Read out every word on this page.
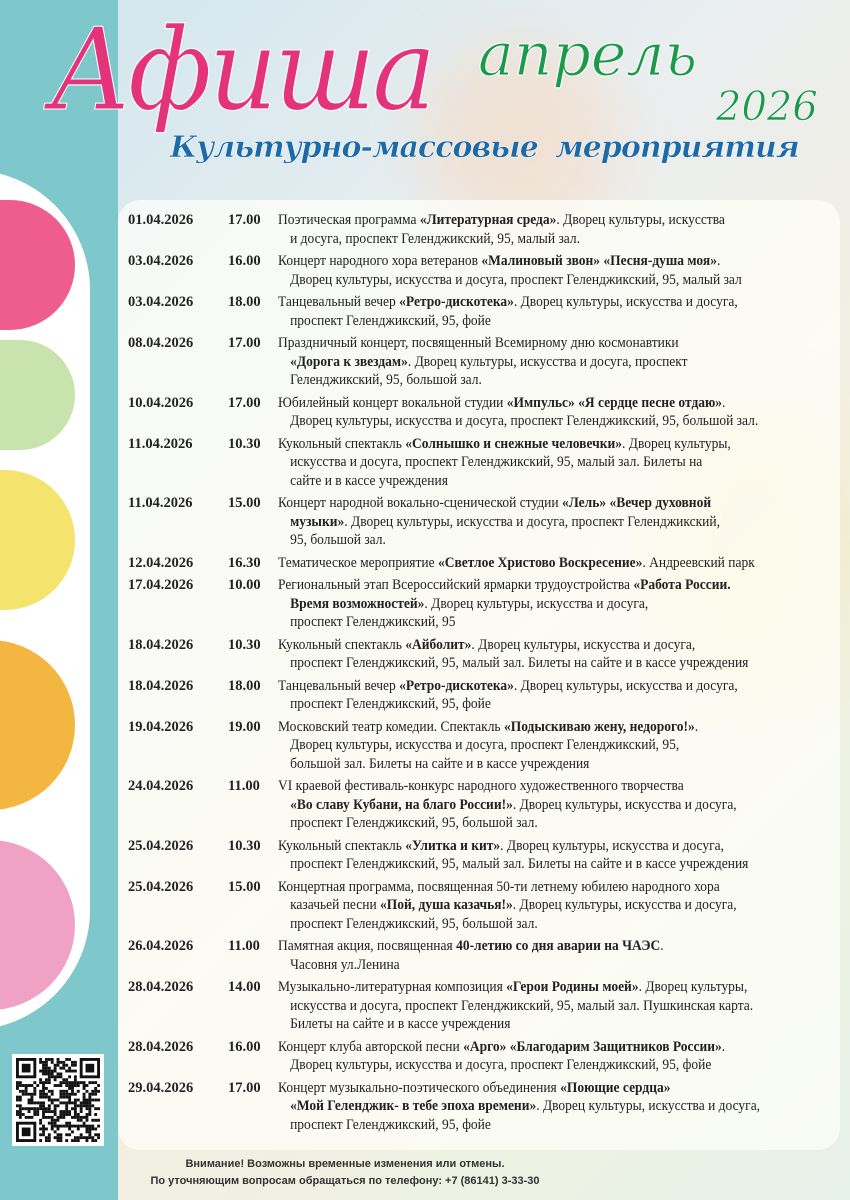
Афиша апрель
2026
Культурно-массовые мероприятия
01.04.2026	17.00	Поэтическая программа «Литературная среда». Дворец культуры, искусства
и досуга, проспект Геленджикский, 95, малый зал.
03.04.2026	16.00	Концерт народного хора ветеранов «Малиновый звон» «Песня-душа моя».
Дворец культуры, искусства и досуга, проспект Геленджикский, 95, малый зал
03.04.2026	18.00	Танцевальный вечер «Ретро-дискотека». Дворец культуры, искусства и досуга,
проспект Геленджикский, 95, фойе
08.04.2026	17.00	Праздничный концерт, посвященный Всемирному дню космонавтики
«Дорога к звездам». Дворец культуры, искусства и досуга, проспект
Геленджикский, 95, большой зал.
10.04.2026	17.00	Юбилейный концерт вокальной студии «Импульс» «Я сердце песне отдаю».
Дворец культуры, искусства и досуга, проспект Геленджикский, 95, большой зал.
11.04.2026	10.30	Кукольный спектакль «Солнышко и снежные человечки». Дворец культуры,
искусства и досуга, проспект Геленджикский, 95, малый зал. Билеты на
сайте и в кассе учреждения
11.04.2026	15.00	Концерт народной вокально-сценической студии «Лель» «Вечер духовной
музыки». Дворец культуры, искусства и досуга, проспект Геленджикский,
95, большой зал.
12.04.2026	16.30	Тематическое мероприятие «Светлое Христово Воскресение». Андреевский парк
17.04.2026	10.00	Региональный этап Всероссийский ярмарки трудоустройства «Работа России.
Время возможностей». Дворец культуры, искусства и досуга,
проспект Геленджикский, 95
18.04.2026	10.30	Кукольный спектакль «Айболит». Дворец культуры, искусства и досуга,
проспект Геленджикский, 95, малый зал. Билеты на сайте и в кассе учреждения
18.04.2026	18.00	Танцевальный вечер «Ретро-дискотека». Дворец культуры, искусства и досуга,
проспект Геленджикский, 95, фойе
19.04.2026	19.00	Московский театр комедии. Спектакль «Подыскиваю жену, недорого!».
Дворец культуры, искусства и досуга, проспект Геленджикский, 95,
большой зал. Билеты на сайте и в кассе учреждения
24.04.2026	11.00	VI краевой фестиваль-конкурс народного художественного творчества
«Во славу Кубани, на благо России!». Дворец культуры, искусства и досуга,
проспект Геленджикский, 95, большой зал.
25.04.2026	10.30	Кукольный спектакль «Улитка и кит». Дворец культуры, искусства и досуга,
проспект Геленджикский, 95, малый зал. Билеты на сайте и в кассе учреждения
25.04.2026	15.00	Концертная программа, посвященная 50-ти летнему юбилею народного хора
казачьей песни «Пой, душа казачья!». Дворец культуры, искусства и досуга,
проспект Геленджикский, 95, большой зал.
26.04.2026	11.00	Памятная акция, посвященная 40-летию со дня аварии на ЧАЭС.
Часовня ул.Ленина
28.04.2026	14.00	Музыкально-литературная композиция «Герои Родины моей». Дворец культуры,
искусства и досуга, проспект Геленджикский, 95, малый зал. Пушкинская карта.
Билеты на сайте и в кассе учреждения
28.04.2026	16.00	Концерт клуба авторской песни «Арго» «Благодарим Защитников России».
Дворец культуры, искусства и досуга, проспект Геленджикский, 95, фойе
29.04.2026	17.00	Концерт музыкально-поэтического объединения «Поющие сердца»
«Мой Геленджик- в тебе эпоха времени». Дворец культуры, искусства и досуга,
проспект Геленджикский, 95, фойе
Внимание! Возможны временные изменения или отмены.
По уточняющим вопросам обращаться по телефону: +7 (86141) 3-33-30
